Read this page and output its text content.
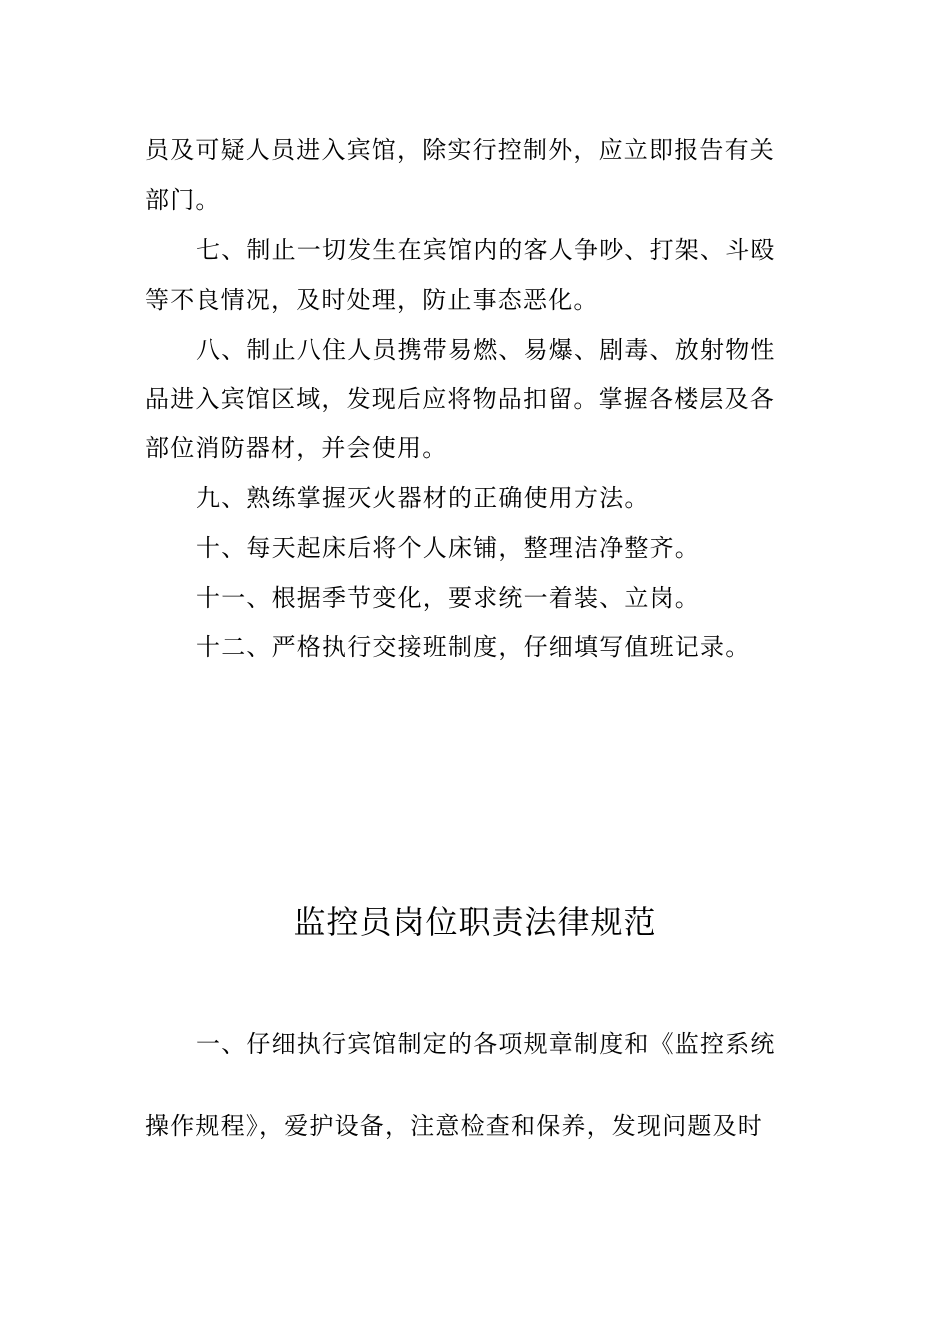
员及可疑人员进入宾馆，除实行控制外，应立即报告有关
部门。
七、制止一切发生在宾馆内的客人争吵、打架、斗殴
等不良情况，及时处理，防止事态恶化。
八、制止八住人员携带易燃、易爆、剧毒、放射物性
品进入宾馆区域，发现后应将物品扣留。掌握各楼层及各
部位消防器材，并会使用。
九、熟练掌握灭火器材的正确使用方法。
十、每天起床后将个人床铺，整理洁净整齐。
十一、根据季节变化，要求统一着装、立岗。
十二、严格执行交接班制度，仔细填写值班记录。
监控员岗位职责法律规范
一、仔细执行宾馆制定的各项规章制度和《监控系统
操作规程》，爱护设备，注意检查和保养，发现问题及时
